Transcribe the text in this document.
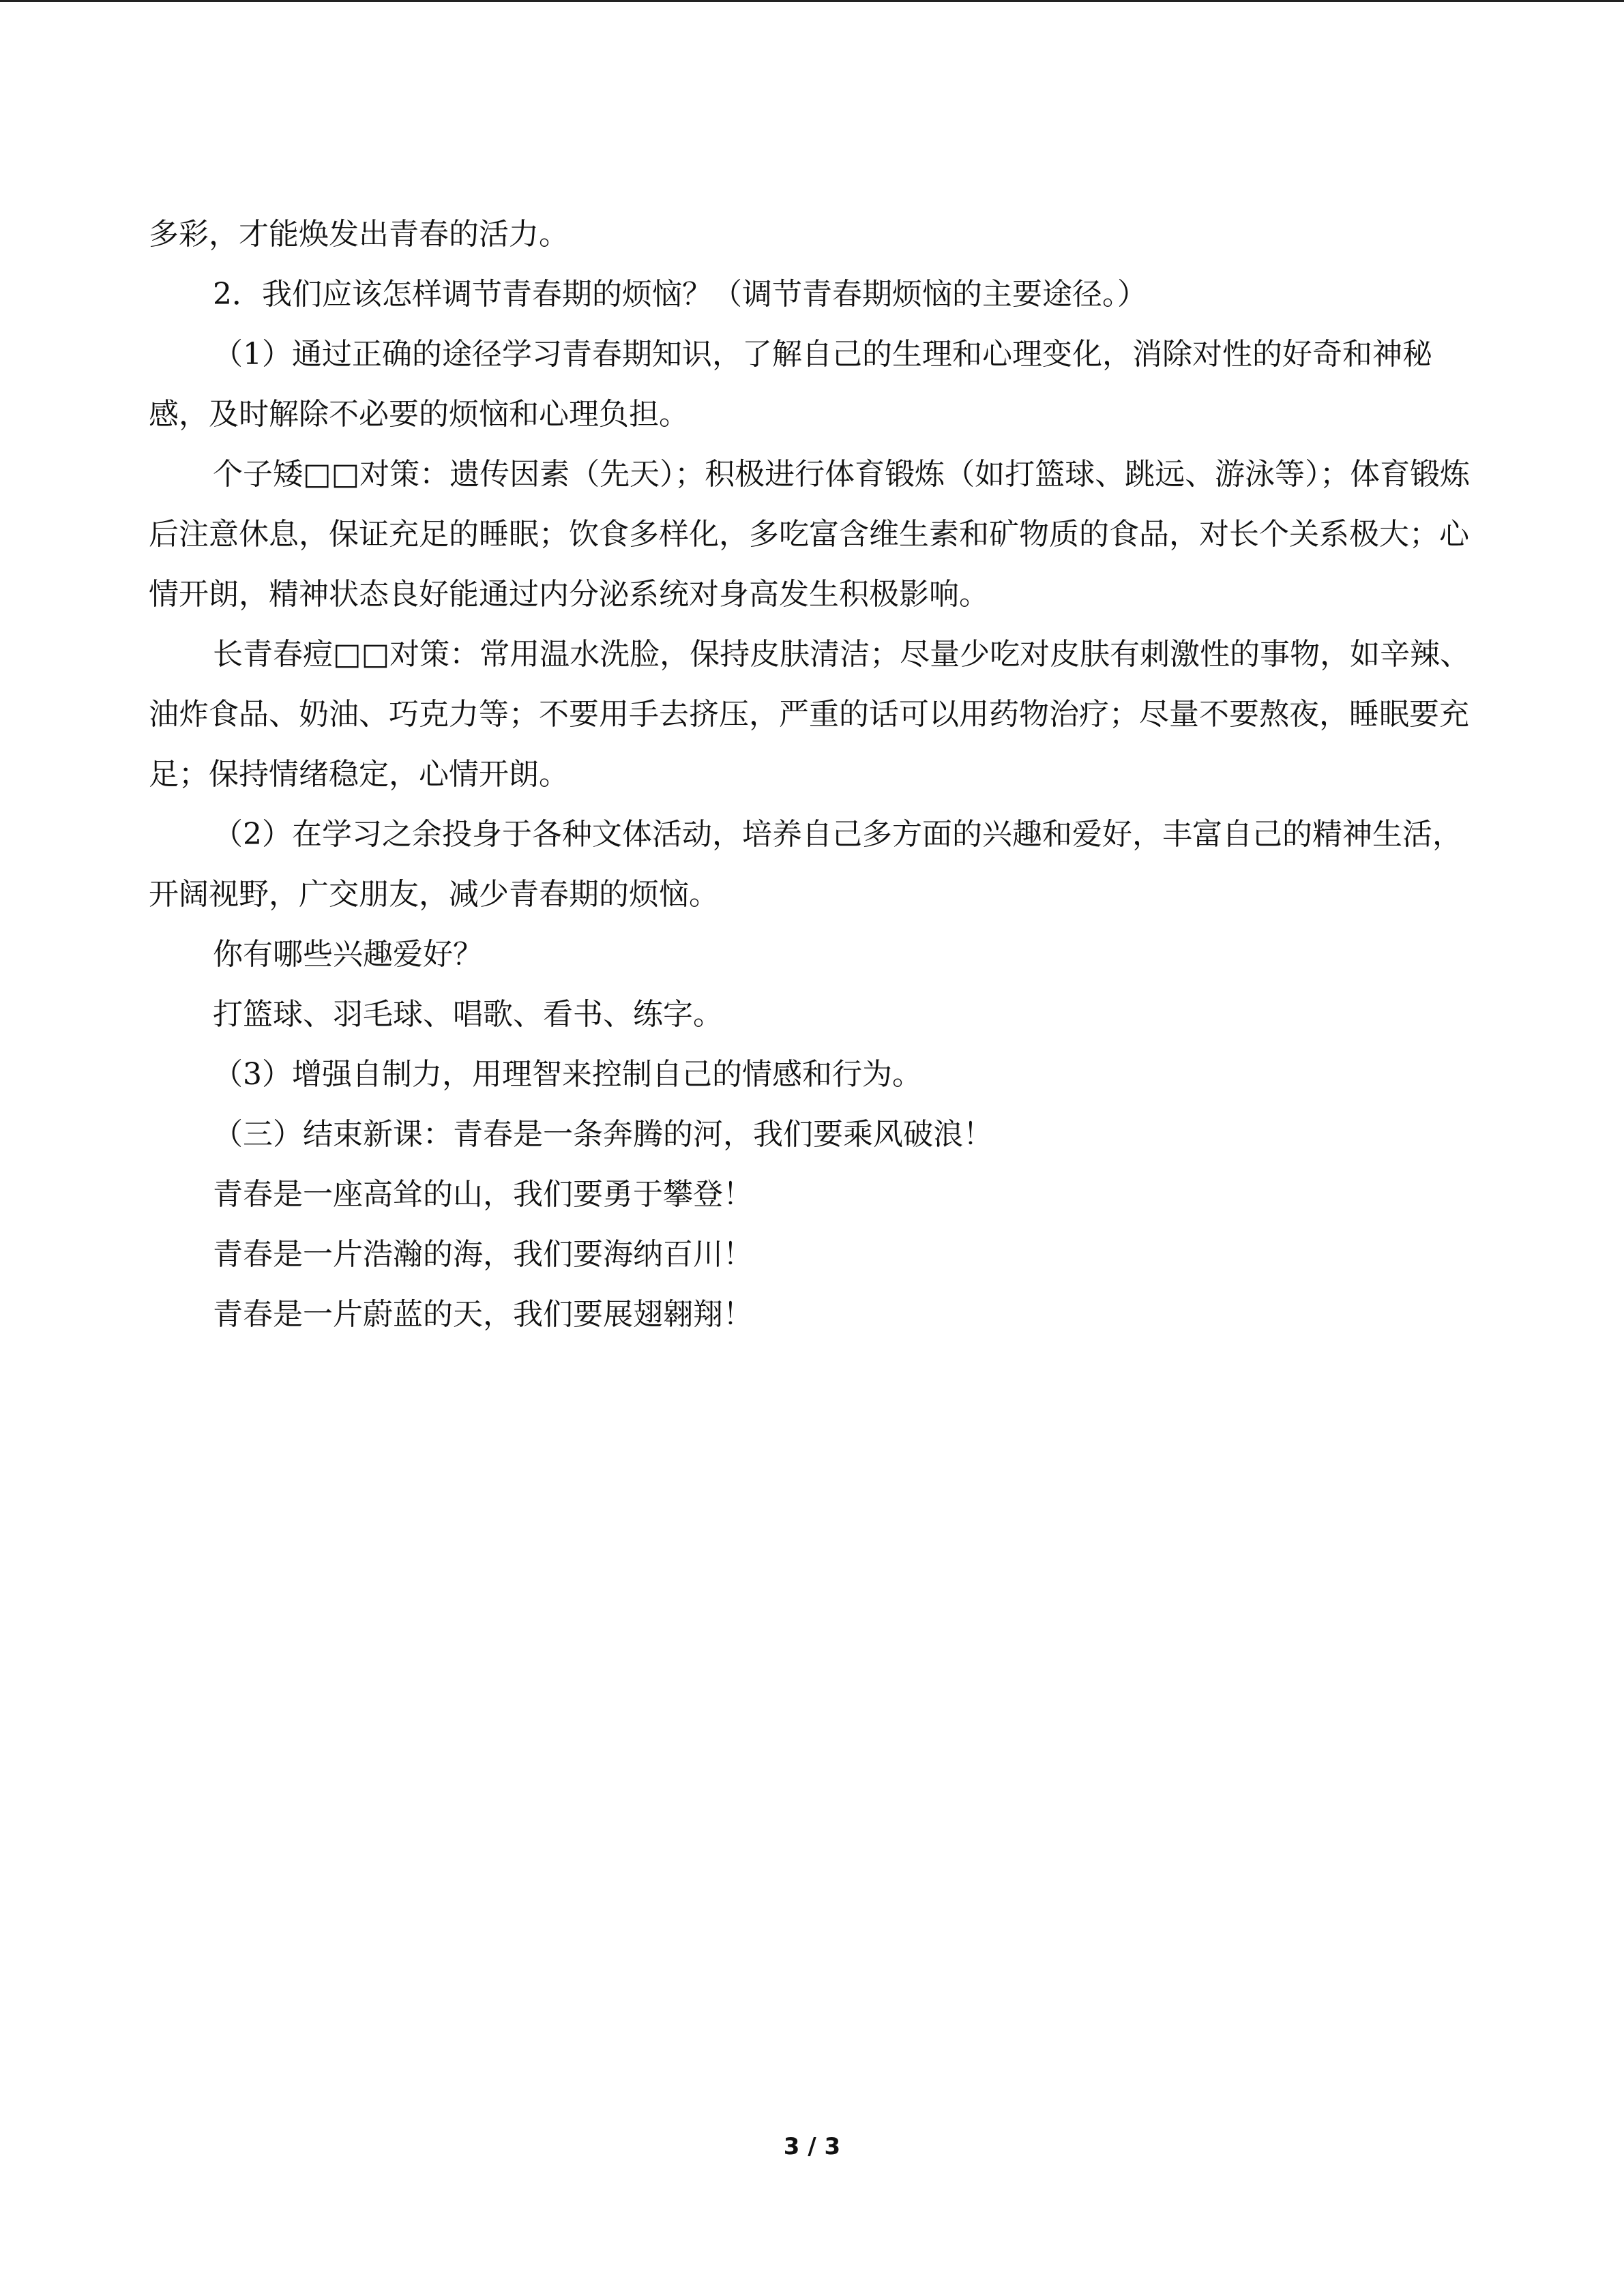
多彩，才能焕发出青春的活力。

2．我们应该怎样调节青春期的烦恼？（调节青春期烦恼的主要途径。）

（1）通过正确的途径学习青春期知识，了解自己的生理和心理变化，消除对性的好奇和神秘感，及时解除不必要的烦恼和心理负担。

个子矮□□对策：遗传因素（先天）；积极进行体育锻炼（如打篮球、跳远、游泳等）；体育锻炼后注意休息，保证充足的睡眠；饮食多样化，多吃富含维生素和矿物质的食品，对长个关系极大；心情开朗，精神状态良好能通过内分泌系统对身高发生积极影响。

长青春痘□□对策：常用温水洗脸，保持皮肤清洁；尽量少吃对皮肤有刺激性的事物，如辛辣、油炸食品、奶油、巧克力等；不要用手去挤压，严重的话可以用药物治疗；尽量不要熬夜，睡眠要充足；保持情绪稳定，心情开朗。

（2）在学习之余投身于各种文体活动，培养自己多方面的兴趣和爱好，丰富自己的精神生活，开阔视野，广交朋友，减少青春期的烦恼。

你有哪些兴趣爱好？

打篮球、羽毛球、唱歌、看书、练字。

（3）增强自制力，用理智来控制自己的情感和行为。

（三）结束新课：青春是一条奔腾的河，我们要乘风破浪！

青春是一座高耸的山，我们要勇于攀登！

青春是一片浩瀚的海，我们要海纳百川！

青春是一片蔚蓝的天，我们要展翅翱翔！

3 / 3
